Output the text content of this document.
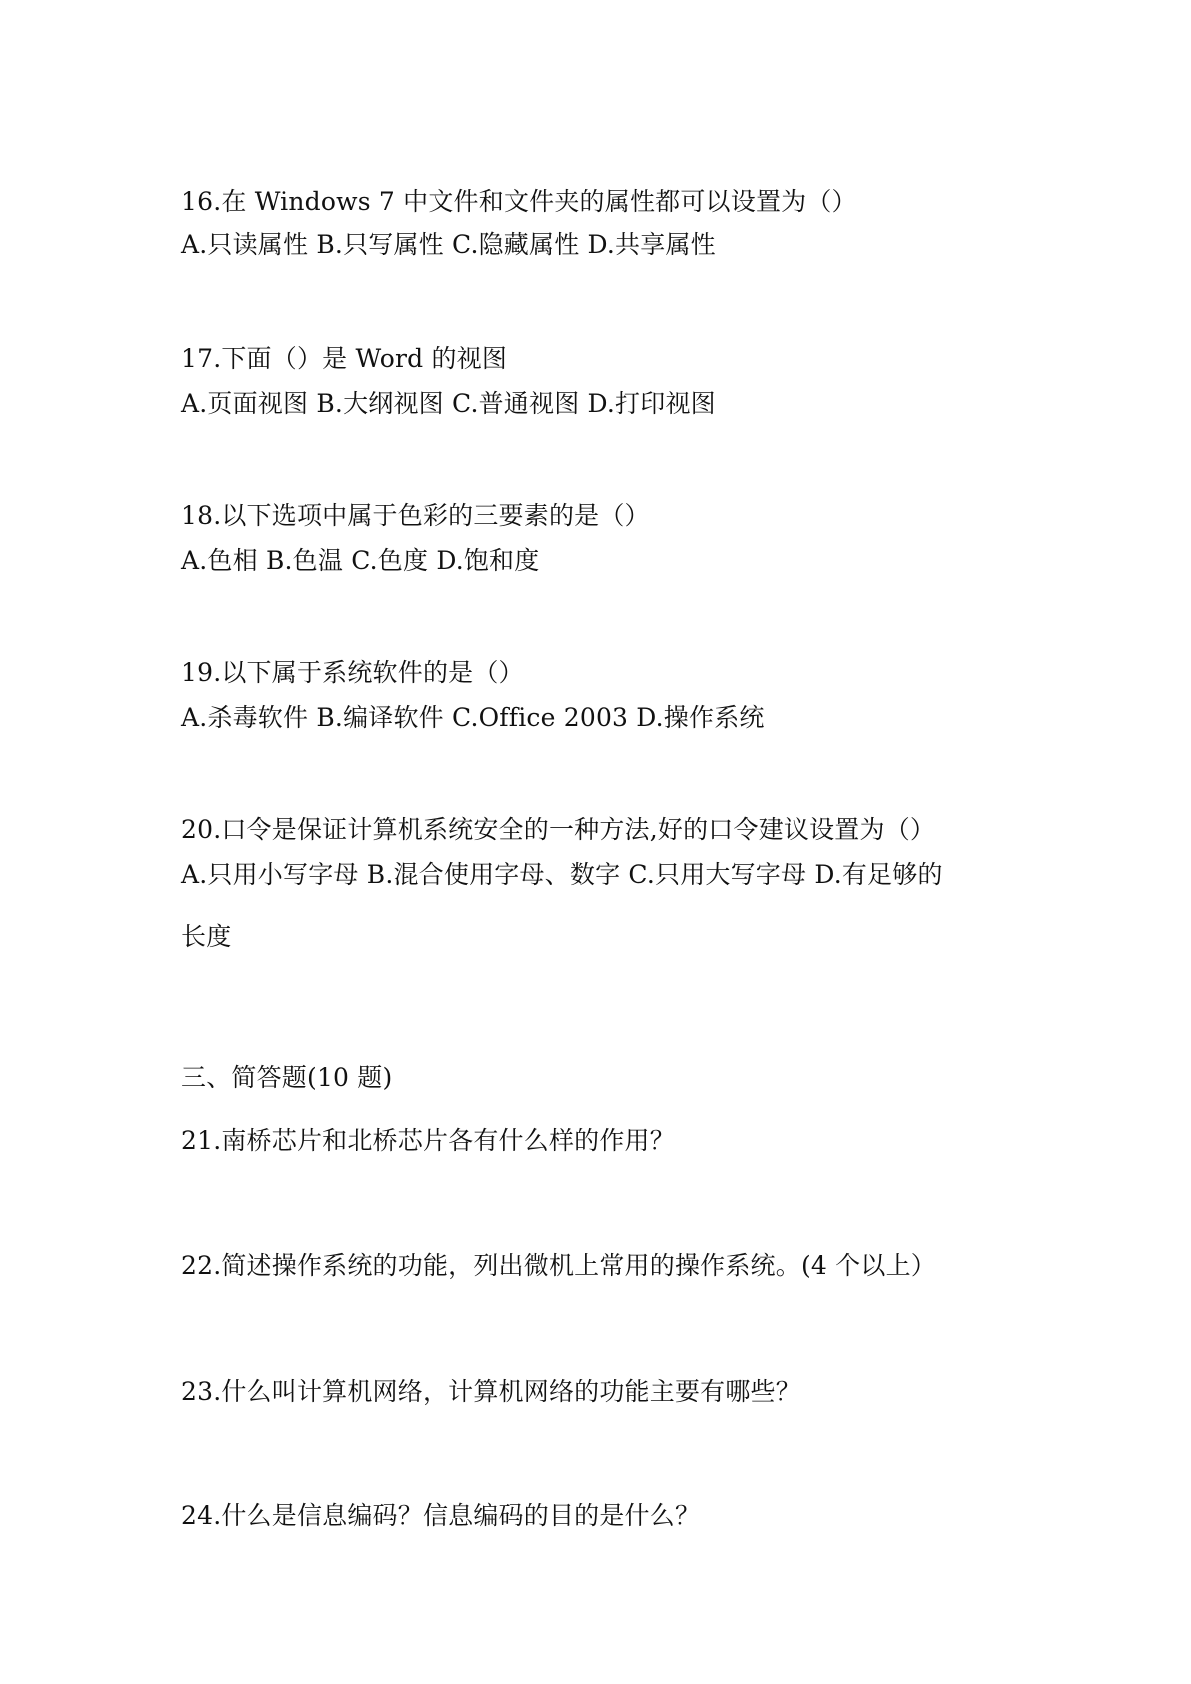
16.在 Windows 7 中文件和文件夹的属性都可以设置为（）
A.只读属性 B.只写属性 C.隐藏属性 D.共享属性
17.下面（）是 Word 的视图
A.页面视图 B.大纲视图 C.普通视图 D.打印视图
18.以下选项中属于色彩的三要素的是（）
A.色相 B.色温 C.色度 D.饱和度
19.以下属于系统软件的是（）
A.杀毒软件 B.编译软件 C.Office 2003 D.操作系统
20.口令是保证计算机系统安全的一种方法,好的口令建议设置为（）
A.只用小写字母 B.混合使用字母、数字 C.只用大写字母 D.有足够的
长度
三、简答题(10 题)
21.南桥芯片和北桥芯片各有什么样的作用？
22.简述操作系统的功能，列出微机上常用的操作系统。(4 个以上）
23.什么叫计算机网络，计算机网络的功能主要有哪些？
24.什么是信息编码？信息编码的目的是什么？
